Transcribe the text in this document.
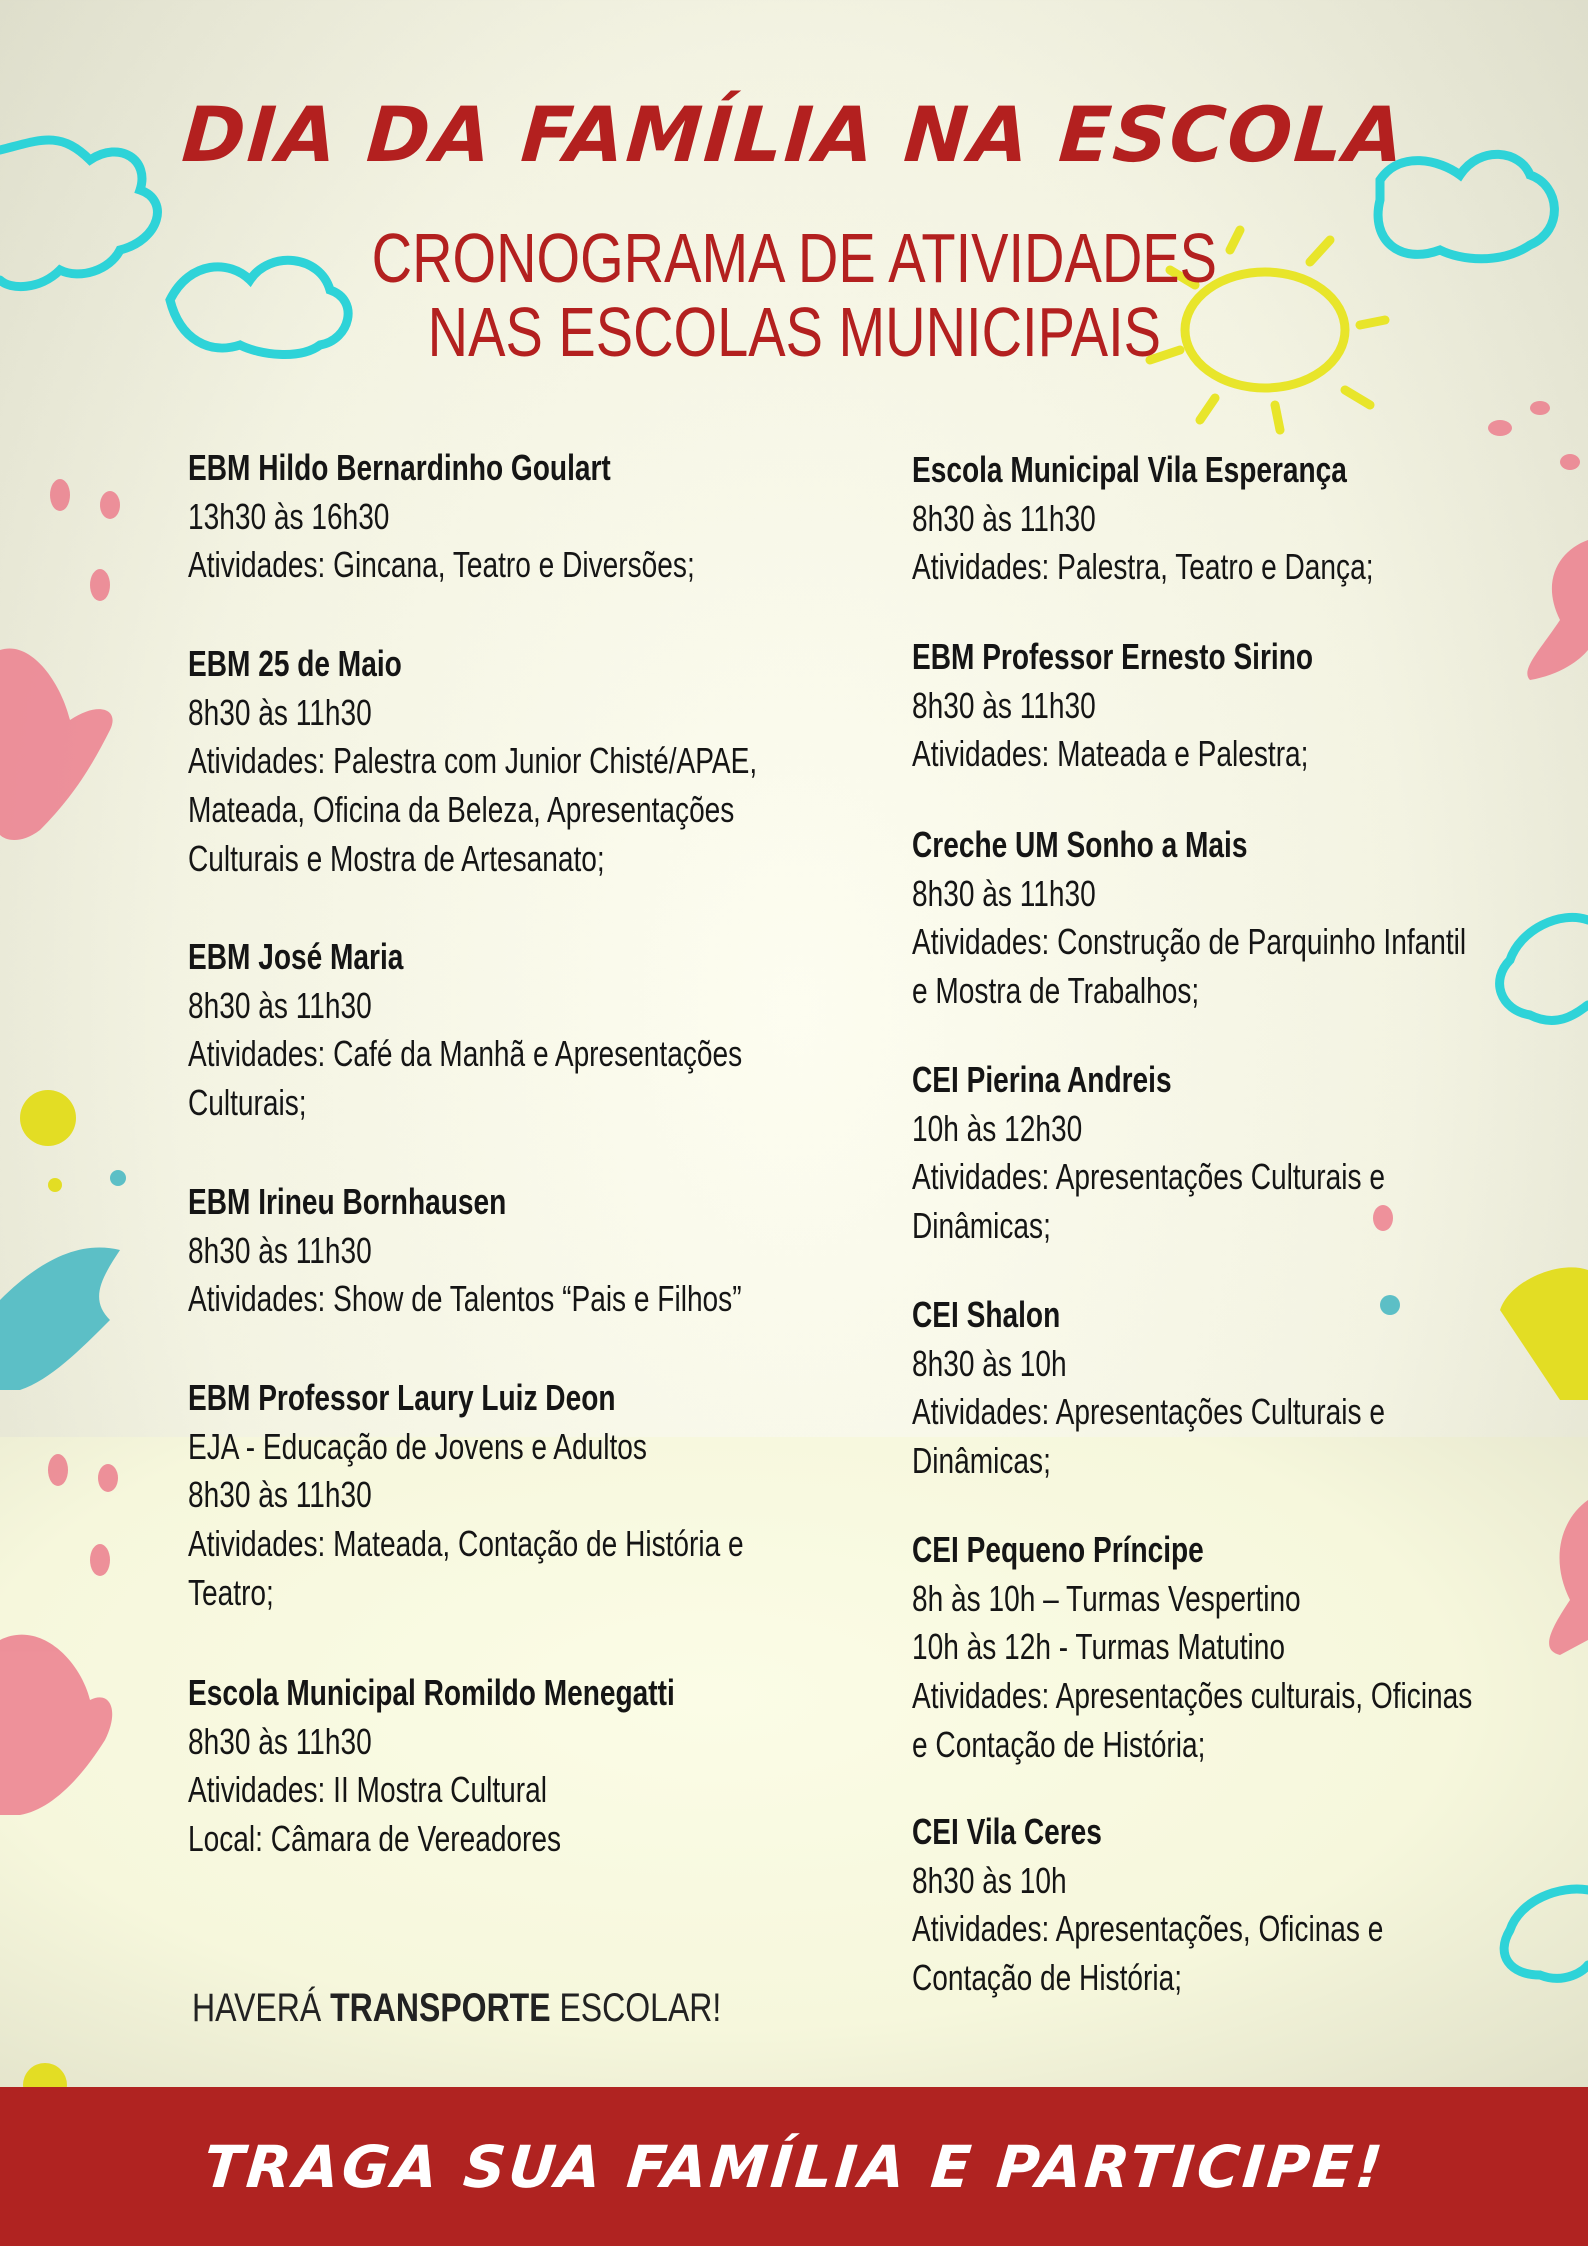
DIA DA FAMÍLIA NA ESCOLA
CRONOGRAMA DE ATIVIDADES
NAS ESCOLAS MUNICIPAIS
EBM Hildo Bernardinho Goulart
13h30 às 16h30
Atividades: Gincana, Teatro e Diversões;
EBM 25 de Maio
8h30 às 11h30
Atividades: Palestra com Junior Chisté/APAE,
Mateada, Oficina da Beleza, Apresentações
Culturais e Mostra de Artesanato;
EBM José Maria
8h30 às 11h30
Atividades: Café da Manhã e Apresentações
Culturais;
EBM Irineu Bornhausen
8h30 às 11h30
Atividades: Show de Talentos “Pais e Filhos”
EBM Professor Laury Luiz Deon
EJA - Educação de Jovens e Adultos
8h30 às 11h30
Atividades: Mateada, Contação de História e
Teatro;
Escola Municipal Romildo Menegatti
8h30 às 11h30
Atividades: II Mostra Cultural
Local: Câmara de Vereadores
Escola Municipal Vila Esperança
8h30 às 11h30
Atividades: Palestra, Teatro e Dança;
EBM Professor Ernesto Sirino
8h30 às 11h30
Atividades: Mateada e Palestra;
Creche UM Sonho a Mais
8h30 às 11h30
Atividades: Construção de Parquinho Infantil
e Mostra de Trabalhos;
CEI Pierina Andreis
10h às 12h30
Atividades: Apresentações Culturais e
Dinâmicas;
CEI Shalon
8h30 às 10h
Atividades: Apresentações Culturais e
Dinâmicas;
CEI Pequeno Príncipe
8h às 10h – Turmas Vespertino
10h às 12h - Turmas Matutino
Atividades: Apresentações culturais, Oficinas
e Contação de História;
CEI Vila Ceres
8h30 às 10h
Atividades: Apresentações, Oficinas e
Contação de História;
HAVERÁ TRANSPORTE ESCOLAR!
TRAGA SUA FAMÍLIA E PARTICIPE!
